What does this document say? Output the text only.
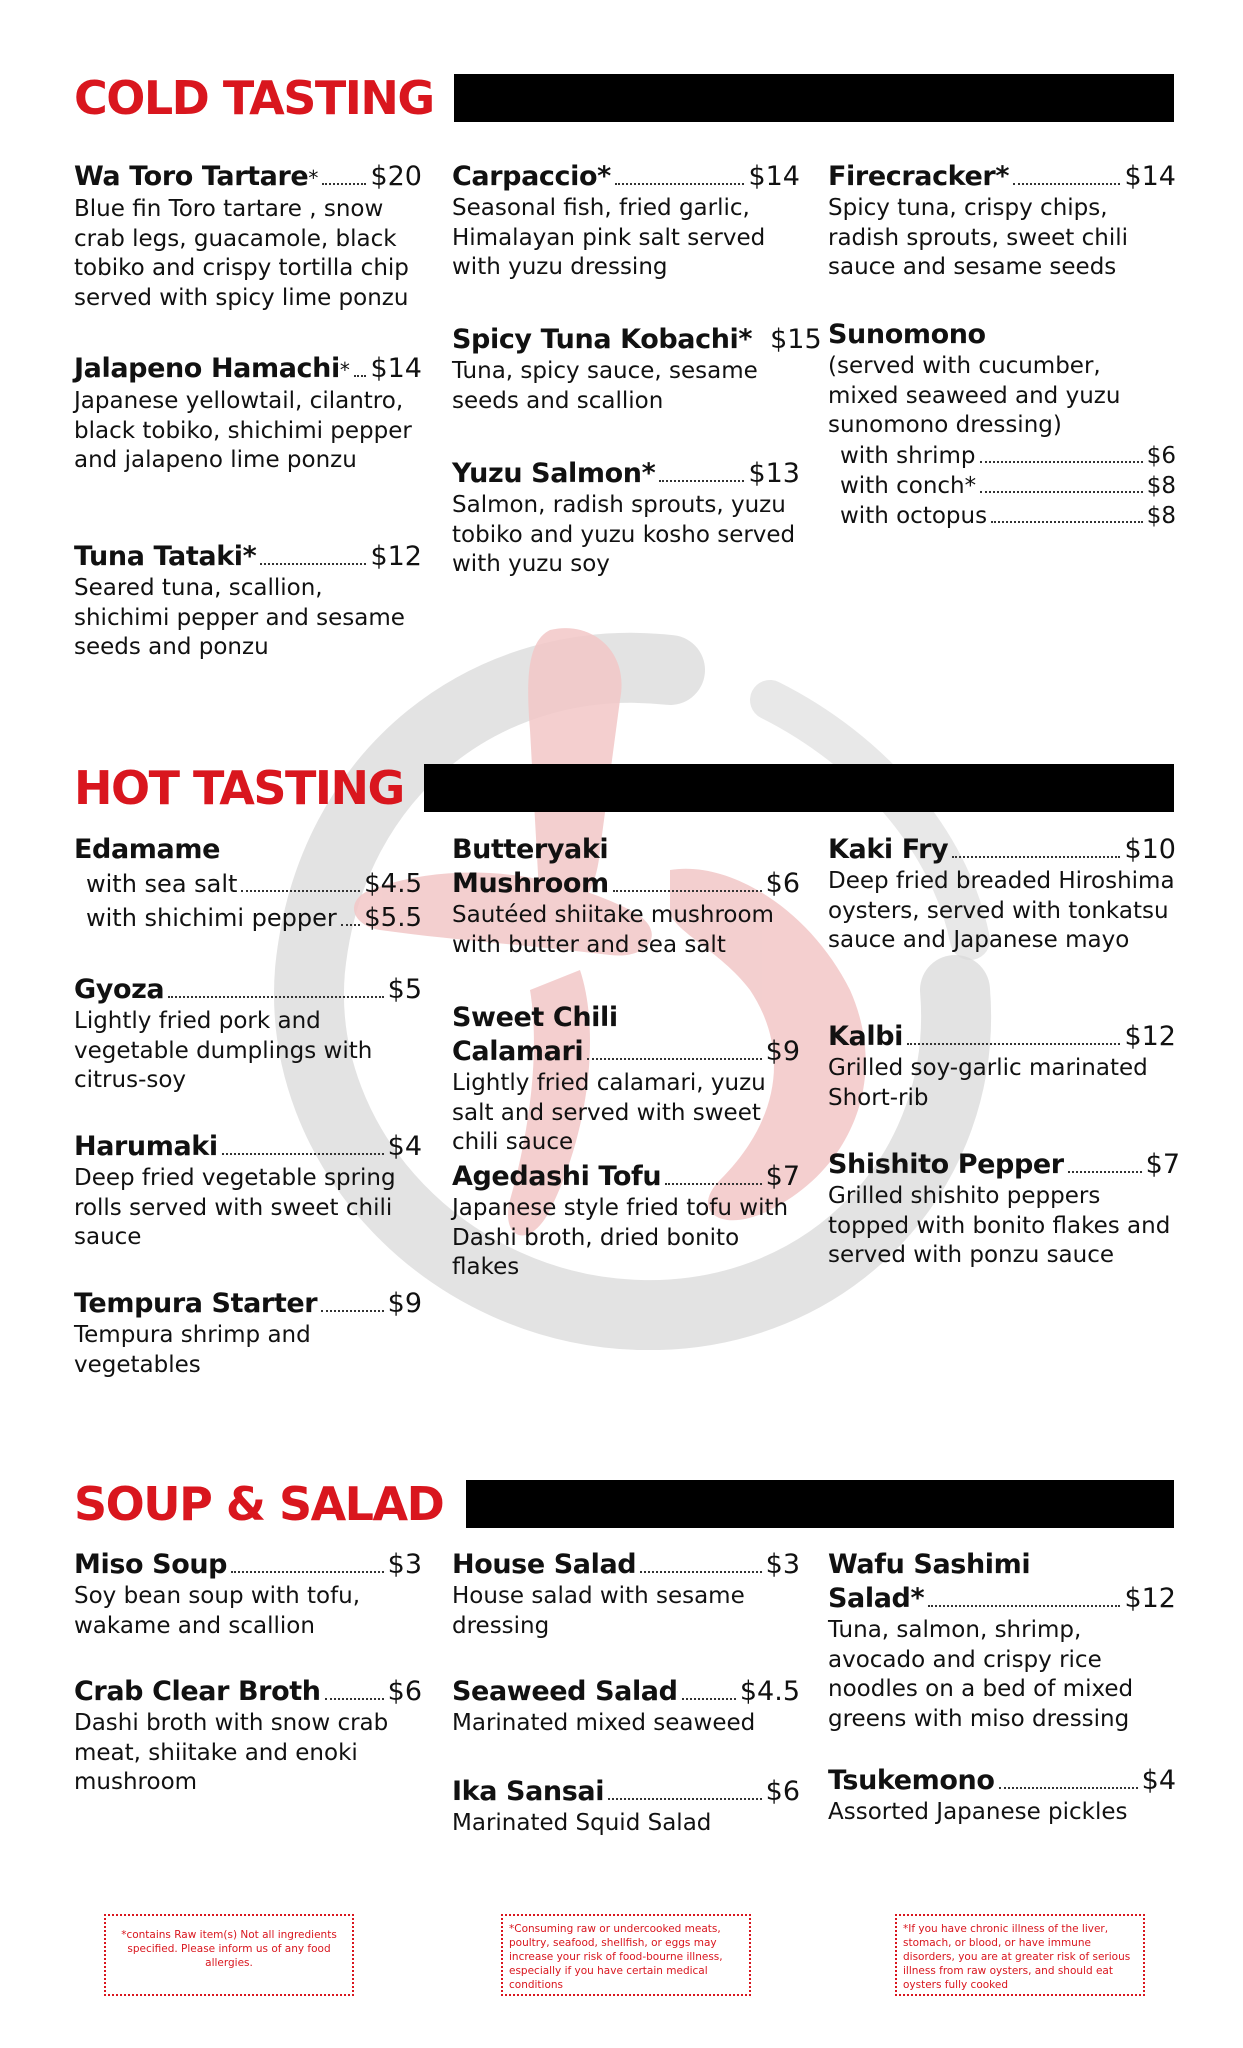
COLD TASTING
Wa Toro Tartare * $20
Blue fin Toro tartare , snow crab legs, guacamole, black tobiko and crispy tortilla chip served with spicy lime ponzu
Jalapeno Hamachi * $14
Japanese yellowtail, cilantro, black tobiko, shichimi pepper and jalapeno lime ponzu
Tuna Tataki*	$12
Seared tuna, scallion, shichimi pepper and sesame seeds and ponzu
Carpaccio*	$14
Seasonal fish, fried garlic, Himalayan pink salt served with yuzu dressing
Spicy Tuna Kobachi* $15
Tuna, spicy sauce, sesame seeds and scallion
Yuzu Salmon*	$13
Salmon, radish sprouts, yuzu tobiko and yuzu kosho served with yuzu soy
Firecracker*	$14
Spicy tuna, crispy chips, radish sprouts, sweet chili sauce and sesame seeds
Sunomono
(served with cucumber, mixed seaweed and yuzu sunomono dressing)
with shrimp	$6
with conch*	$8
with octopus	$8
HOT TASTING
Edamame
with sea salt	$4.5
with shichimi pepper $5.5
Gyoza	$5
Lightly fried pork and vegetable dumplings with citrus-soy
Harumaki	$4
Deep fried vegetable spring rolls served with sweet chili sauce
Tempura Starter	$9
Tempura shrimp and vegetables
Butteryaki
Mushroom	$6
Sautéed shiitake mushroom with butter and sea salt
Sweet Chili
Calamari	$9
Lightly fried calamari, yuzu salt and served with sweet chili sauce
Agedashi Tofu	$7
Japanese style fried tofu with Dashi broth, dried bonito flakes
Kaki Fry	$10
Deep fried breaded Hiroshima oysters, served with tonkatsu sauce and Japanese mayo
Kalbi	$12
Grilled soy-garlic marinated Short-rib
Shishito Pepper	$7
Grilled shishito peppers topped with bonito flakes and served with ponzu sauce
SOUP & SALAD
Miso Soup	$3
Soy bean soup with tofu, wakame and scallion
Crab Clear Broth $6
Dashi broth with snow crab meat, shiitake and enoki mushroom
House Salad	$3
House salad with sesame dressing
Seaweed Salad $4.5
Marinated mixed seaweed
Ika Sansai	$6
Marinated Squid Salad
Wafu Sashimi
Salad*	$12
Tuna, salmon, shrimp, avocado and crispy rice noodles on a bed of mixed greens with miso dressing
Tsukemono	$4
Assorted Japanese pickles
*contains Raw item(s) Not all ingredients specified. Please inform us of any food allergies.
*Consuming raw or undercooked meats, poultry, seafood, shellfish, or eggs may increase your risk of food-bourne illness, especially if you have certain medical conditions
*If you have chronic illness of the liver, stomach, or blood, or have immune disorders, you are at greater risk of serious illness from raw oysters, and should eat oysters fully cooked
